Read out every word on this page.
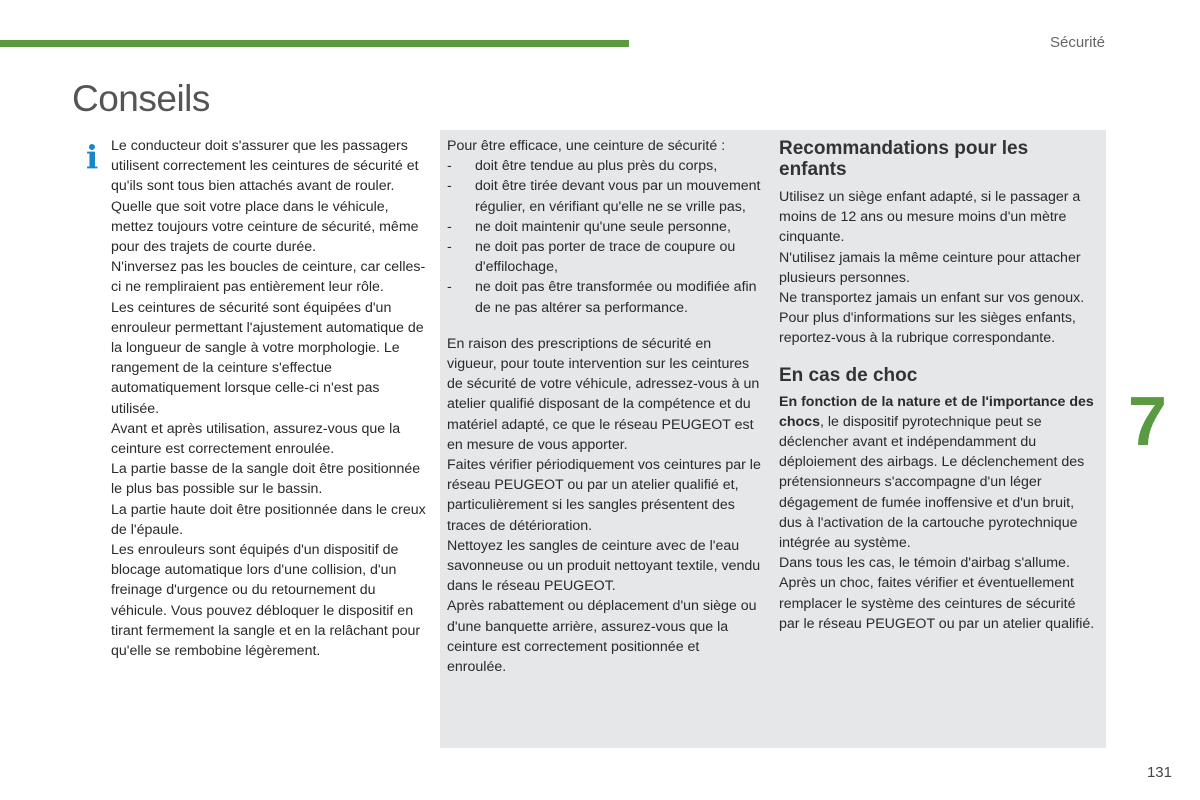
Sécurité
Conseils
i Le conducteur doit s'assurer que les passagers utilisent correctement les ceintures de sécurité et qu'ils sont tous bien attachés avant de rouler.

Quelle que soit votre place dans le véhicule, mettez toujours votre ceinture de sécurité, même pour des trajets de courte durée.

N'inversez pas les boucles de ceinture, car celles-ci ne rempliraient pas entièrement leur rôle.

Les ceintures de sécurité sont équipées d'un enrouleur permettant l'ajustement automatique de la longueur de sangle à votre morphologie. Le rangement de la ceinture s'effectue automatiquement lorsque celle-ci n'est pas utilisée.

Avant et après utilisation, assurez-vous que la ceinture est correctement enroulée.

La partie basse de la sangle doit être positionnée le plus bas possible sur le bassin.

La partie haute doit être positionnée dans le creux de l'épaule.

Les enrouleurs sont équipés d'un dispositif de blocage automatique lors d'une collision, d'un freinage d'urgence ou du retournement du véhicule. Vous pouvez débloquer le dispositif en tirant fermement la sangle et en la relâchant pour qu'elle se rembobine légèrement.

Pour être efficace, une ceinture de sécurité :

- doit être tendue au plus près du corps,
- doit être tirée devant vous par un mouvement régulier, en vérifiant qu'elle ne se vrille pas,
- ne doit maintenir qu'une seule personne,
- ne doit pas porter de trace de coupure ou d'effilochage,
- ne doit pas être transformée ou modifiée afin de ne pas altérer sa performance.

En raison des prescriptions de sécurité en vigueur, pour toute intervention sur les ceintures de sécurité de votre véhicule, adressez-vous à un atelier qualifié disposant de la compétence et du matériel adapté, ce que le réseau PEUGEOT est en mesure de vous apporter.

Faites vérifier périodiquement vos ceintures par le réseau PEUGEOT ou par un atelier qualifié et, particulièrement si les sangles présentent des traces de détérioration.

Nettoyez les sangles de ceinture avec de l'eau savonneuse ou un produit nettoyant textile, vendu dans le réseau PEUGEOT.

Après rabattement ou déplacement d'un siège ou d'une banquette arrière, assurez-vous que la ceinture est correctement positionnée et enroulée.

Recommandations pour les enfants

Utilisez un siège enfant adapté, si le passager a moins de 12 ans ou mesure moins d'un mètre cinquante.

N'utilisez jamais la même ceinture pour attacher plusieurs personnes.

Ne transportez jamais un enfant sur vos genoux.

Pour plus d'informations sur les sièges enfants, reportez-vous à la rubrique correspondante.

En cas de choc

En fonction de la nature et de l'importance des chocs, le dispositif pyrotechnique peut se déclencher avant et indépendamment du déploiement des airbags. Le déclenchement des prétensionneurs s'accompagne d'un léger dégagement de fumée inoffensive et d'un bruit, dus à l'activation de la cartouche pyrotechnique intégrée au système.

Dans tous les cas, le témoin d'airbag s'allume.

Après un choc, faites vérifier et éventuellement remplacer le système des ceintures de sécurité par le réseau PEUGEOT ou par un atelier qualifié.

7
131
